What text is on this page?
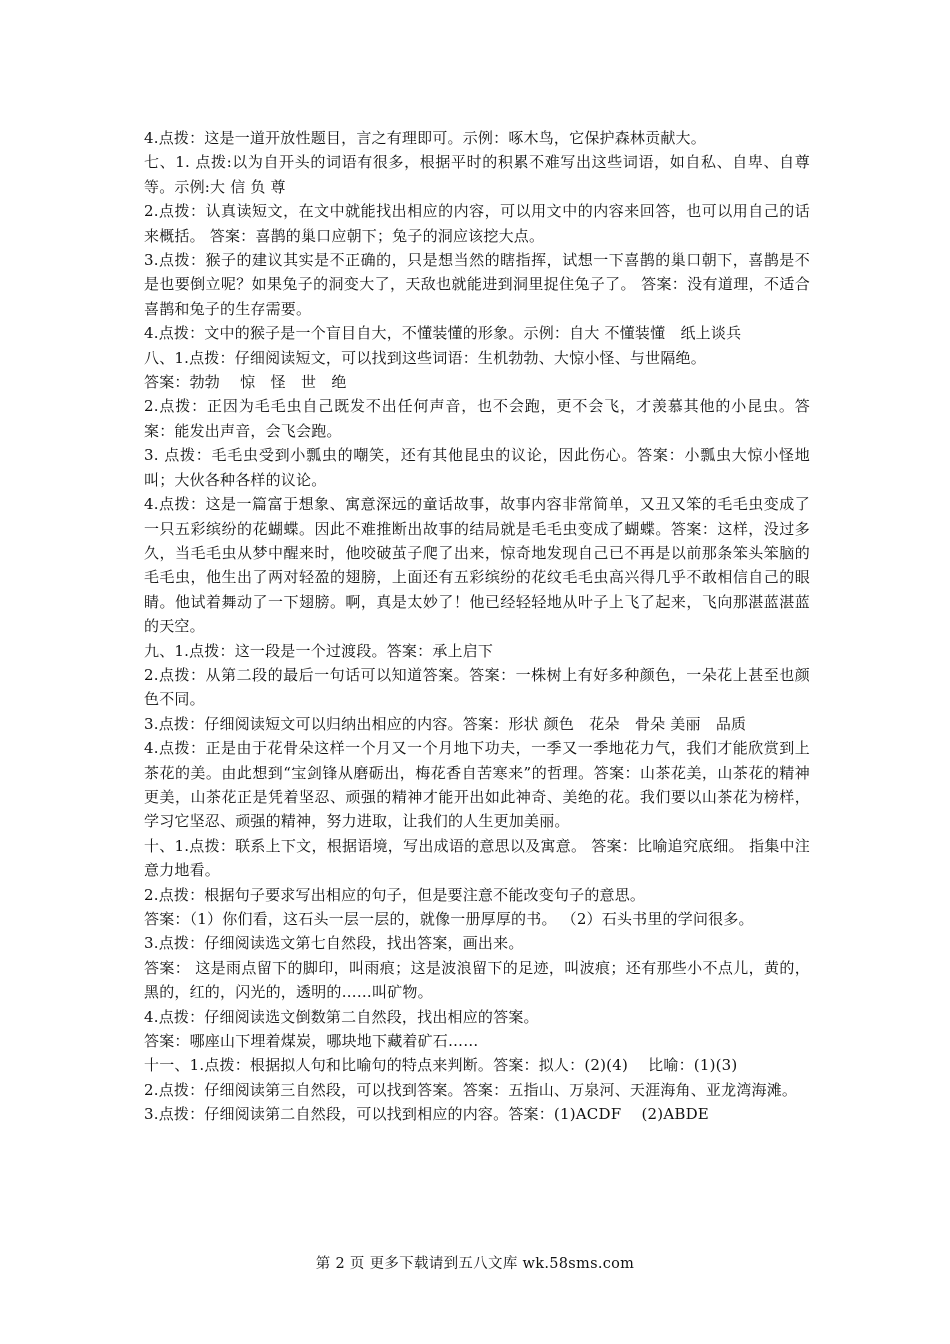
4.点拨：这是一道开放性题目，言之有理即可。示例：啄木鸟，它保护森林贡献大。

七、1. 点拨:以为自开头的词语有很多，根据平时的积累不难写出这些词语，如自私、自卑、自尊等。示例:大 信 负 尊

2.点拨：认真读短文，在文中就能找出相应的内容，可以用文中的内容来回答，也可以用自己的话来概括。 答案：喜鹊的巢口应朝下；兔子的洞应该挖大点。

3.点拨：猴子的建议其实是不正确的，只是想当然的瞎指挥，试想一下喜鹊的巢口朝下，喜鹊是不是也要倒立呢？如果兔子的洞变大了，天敌也就能进到洞里捉住兔子了。 答案：没有道理，不适合喜鹊和兔子的生存需要。

4.点拨：文中的猴子是一个盲目自大，不懂装懂的形象。示例：自大 不懂装懂　纸上谈兵

八、1.点拨：仔细阅读短文，可以找到这些词语：生机勃勃、大惊小怪、与世隔绝。

答案：勃勃　 惊　怪　世　绝

2.点拨：正因为毛毛虫自己既发不出任何声音，也不会跑，更不会飞，才羡慕其他的小昆虫。答案：能发出声音，会飞会跑。

3. 点拨：毛毛虫受到小瓢虫的嘲笑，还有其他昆虫的议论，因此伤心。答案：小瓢虫大惊小怪地叫；大伙各种各样的议论。

4.点拨：这是一篇富于想象、寓意深远的童话故事，故事内容非常简单，又丑又笨的毛毛虫变成了一只五彩缤纷的花蝴蝶。因此不难推断出故事的结局就是毛毛虫变成了蝴蝶。答案：这样，没过多久，当毛毛虫从梦中醒来时，他咬破茧子爬了出来，惊奇地发现自己已不再是以前那条笨头笨脑的毛毛虫，他生出了两对轻盈的翅膀，上面还有五彩缤纷的花纹毛毛虫高兴得几乎不敢相信自己的眼睛。他试着舞动了一下翅膀。啊，真是太妙了！他已经轻轻地从叶子上飞了起来，飞向那湛蓝湛蓝的天空。

九、1.点拨：这一段是一个过渡段。答案：承上启下

2.点拨：从第二段的最后一句话可以知道答案。答案：一株树上有好多种颜色，一朵花上甚至也颜色不同。

3.点拨：仔细阅读短文可以归纳出相应的内容。答案：形状 颜色　花朵　骨朵 美丽　品质

4.点拨：正是由于花骨朵这样一个月又一个月地下功夫，一季又一季地花力气，我们才能欣赏到上茶花的美。由此想到“宝剑锋从磨砺出，梅花香自苦寒来”的哲理。答案：山茶花美，山茶花的精神更美，山茶花正是凭着坚忍、顽强的精神才能开出如此神奇、美绝的花。我们要以山茶花为榜样，学习它坚忍、顽强的精神，努力进取，让我们的人生更加美丽。

十、1.点拨：联系上下文，根据语境，写出成语的意思以及寓意。 答案：比喻追究底细。 指集中注意力地看。

2.点拨：根据句子要求写出相应的句子，但是要注意不能改变句子的意思。

答案：（1）你们看，这石头一层一层的，就像一册厚厚的书。 （2）石头书里的学问很多。

3.点拨：仔细阅读选文第七自然段，找出答案，画出来。

答案： 这是雨点留下的脚印，叫雨痕；这是波浪留下的足迹，叫波痕；还有那些小不点儿，黄的，黑的，红的，闪光的，透明的……叫矿物。

4.点拨：仔细阅读选文倒数第二自然段，找出相应的答案。

答案：哪座山下埋着煤炭，哪块地下藏着矿石……

十一、1.点拨：根据拟人句和比喻句的特点来判断。答案：拟人：(2)(4)　 比喻：(1)(3)

2.点拨：仔细阅读第三自然段，可以找到答案。答案：五指山、万泉河、天涯海角、亚龙湾海滩。

3.点拨：仔细阅读第二自然段，可以找到相应的内容。答案：(1)ACDF　 (2)ABDE

第 2 页 更多下载请到五八文库 wk.58sms.com
